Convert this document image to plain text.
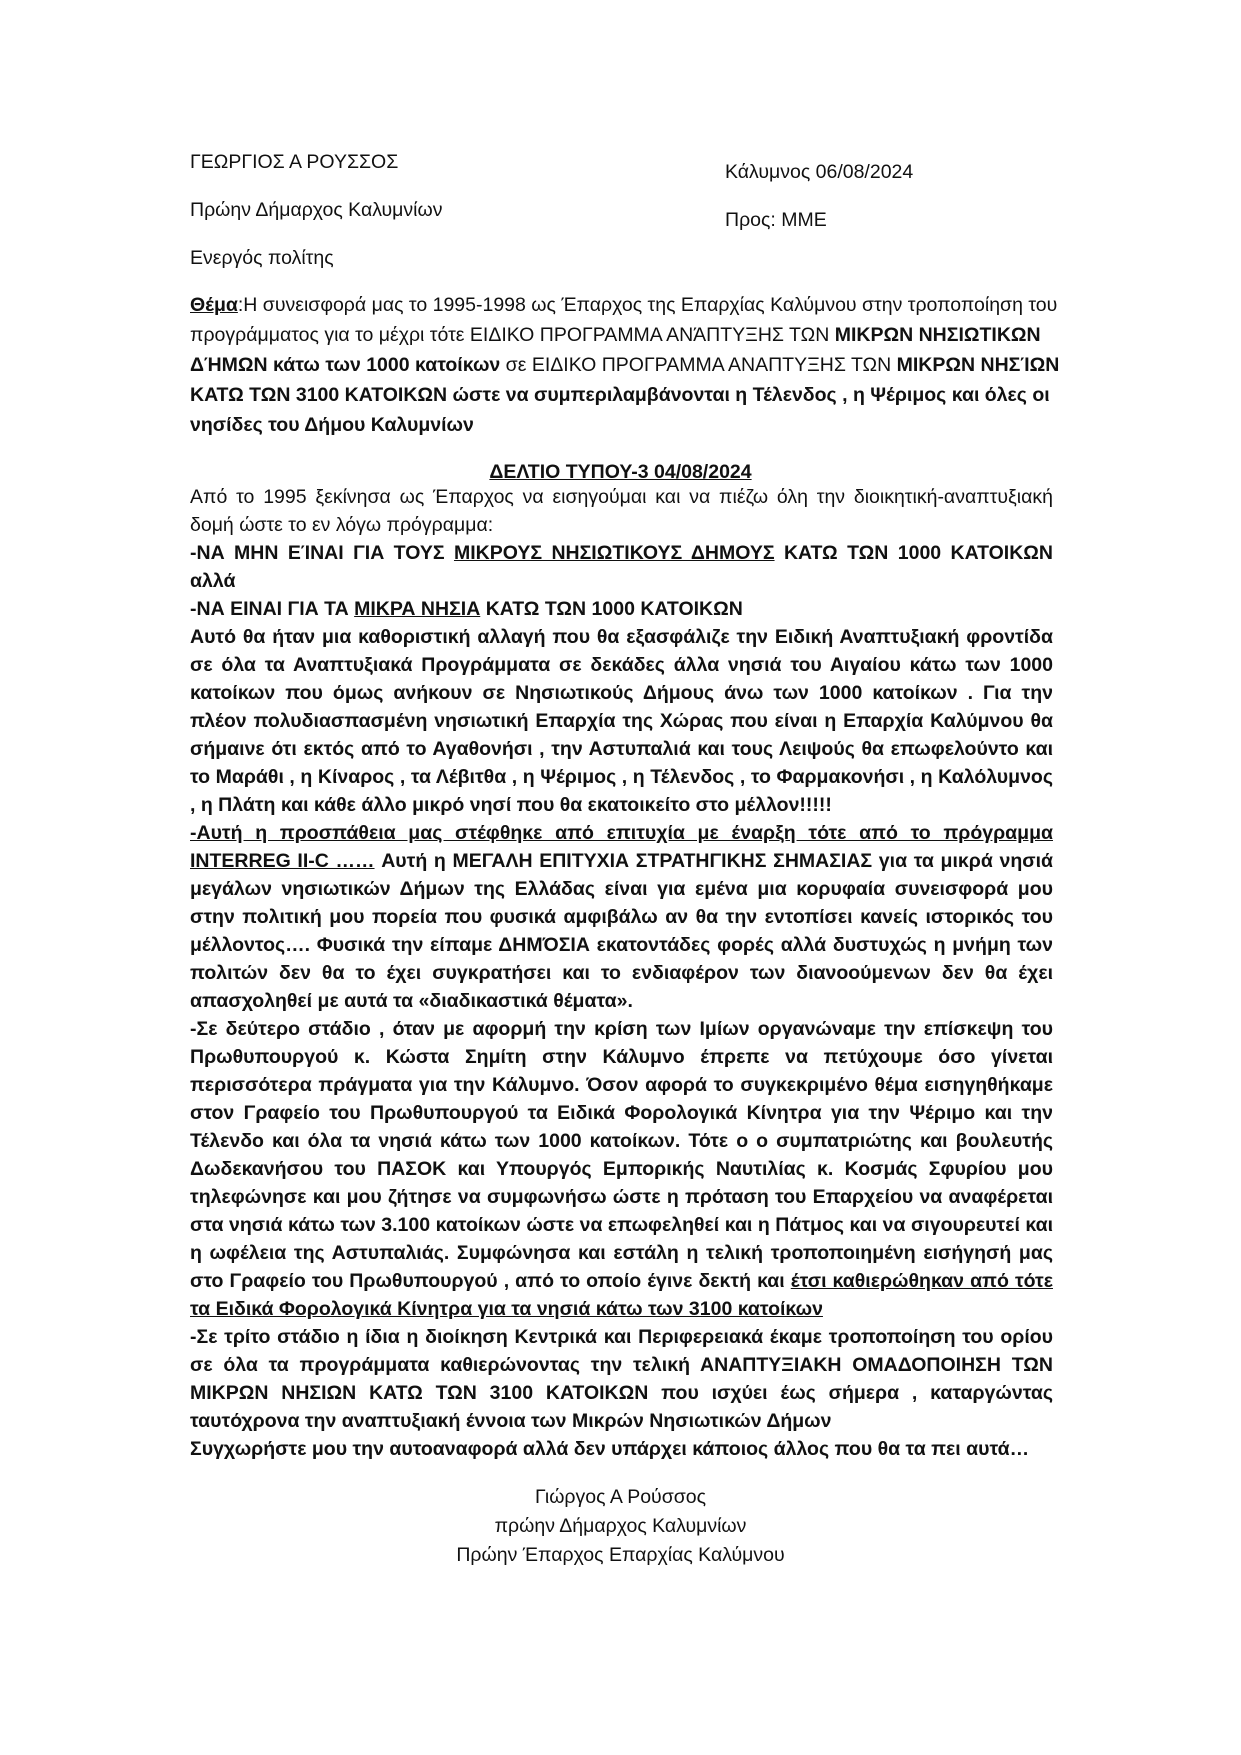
ΓΕΩΡΓΙΟΣ Α ΡΟΥΣΣΟΣ
Πρώην Δήμαρχος Καλυμνίων
Ενεργός πολίτης
Κάλυμνος 06/08/2024
Προς: ΜΜΕ

Θέμα:Η συνεισφορά μας το 1995-1998 ως Έπαρχος της Επαρχίας Καλύμνου στην τροποποίηση του προγράμματος για το μέχρι τότε ΕΙΔΙΚΟ ΠΡΟΓΡΑΜΜΑ ΑΝΆΠΤΥΞΗΣ ΤΩΝ ΜΙΚΡΩΝ ΝΗΣΙΩΤΙΚΩΝ ΔΉΜΩΝ κάτω των 1000 κατοίκων σε ΕΙΔΙΚΟ ΠΡΟΓΡΑΜΜΑ ΑΝΑΠΤΥΞΗΣ ΤΩΝ ΜΙΚΡΩΝ ΝΗΣΊΩΝ ΚΑΤΩ ΤΩΝ 3100 ΚΑΤΟΙΚΩΝ ώστε να συμπεριλαμβάνονται η Τέλενδος , η Ψέριμος και όλες οι νησίδες του Δήμου Καλυμνίων

ΔΕΛΤΙΟ ΤΥΠΟΥ-3 04/08/2024

Από το 1995 ξεκίνησα ως Έπαρχος να εισηγούμαι και να πιέζω όλη την διοικητική-αναπτυξιακή δομή ώστε το εν λόγω πρόγραμμα:

-ΝΑ ΜΗΝ ΕΊΝΑΙ ΓΙΑ ΤΟΥΣ ΜΙΚΡΟΥΣ ΝΗΣΙΩΤΙΚΟΥΣ ΔΗΜΟΥΣ ΚΑΤΩ ΤΩΝ 1000 ΚΑΤΟΙΚΩΝ αλλά

-ΝΑ ΕΙΝΑΙ ΓΙΑ ΤΑ ΜΙΚΡΑ ΝΗΣΙΑ ΚΑΤΩ ΤΩΝ 1000 ΚΑΤΟΙΚΩΝ

Αυτό θα ήταν μια καθοριστική αλλαγή που θα εξασφάλιζε την Ειδική Αναπτυξιακή φροντίδα σε όλα τα Αναπτυξιακά Προγράμματα σε δεκάδες άλλα νησιά του Αιγαίου κάτω των 1000 κατοίκων που όμως ανήκουν σε Νησιωτικούς Δήμους άνω των 1000 κατοίκων . Για την πλέον πολυδιασπασμένη νησιωτική Επαρχία της Χώρας που είναι η Επαρχία Καλύμνου θα σήμαινε ότι εκτός από το Αγαθονήσι , την Αστυπαλιά και τους Λειψούς θα επωφελούντο και το Μαράθι , η Κίναρος , τα Λέβιτθα , η Ψέριμος , η Τέλενδος , το Φαρμακονήσι , η Καλόλυμνος , η Πλάτη και κάθε άλλο μικρό νησί που θα εκατοικείτο στο μέλλον!!!!!

-Αυτή η προσπάθεια μας στέφθηκε από επιτυχία με έναρξη τότε από το πρόγραμμα INTERREG II-C …… Αυτή η ΜΕΓΑΛΗ ΕΠΙΤΥΧΙΑ ΣΤΡΑΤΗΓΙΚΗΣ ΣΗΜΑΣΙΑΣ για τα μικρά νησιά μεγάλων νησιωτικών Δήμων της Ελλάδας είναι για εμένα μια κορυφαία συνεισφορά μου στην πολιτική μου πορεία που φυσικά αμφιβάλω αν θα την εντοπίσει κανείς ιστορικός του μέλλοντος…. Φυσικά την είπαμε ΔΗΜΌΣΙΑ εκατοντάδες φορές αλλά δυστυχώς η μνήμη των πολιτών δεν θα το έχει συγκρατήσει και το ενδιαφέρον των διανοούμενων δεν θα έχει απασχοληθεί με αυτά τα «διαδικαστικά θέματα».

-Σε δεύτερο στάδιο , όταν με αφορμή την κρίση των Ιμίων οργανώναμε την επίσκεψη του Πρωθυπουργού κ. Κώστα Σημίτη στην Κάλυμνο έπρεπε να πετύχουμε όσο γίνεται περισσότερα πράγματα για την Κάλυμνο. Όσον αφορά το συγκεκριμένο θέμα εισηγηθήκαμε στον Γραφείο του Πρωθυπουργού τα Ειδικά Φορολογικά Κίνητρα για την Ψέριμο και την Τέλενδο και όλα τα νησιά κάτω των 1000 κατοίκων. Τότε ο ο συμπατριώτης και βουλευτής Δωδεκανήσου του ΠΑΣΟΚ και Υπουργός Εμπορικής Ναυτιλίας κ. Κοσμάς Σφυρίου μου τηλεφώνησε και μου ζήτησε να συμφωνήσω ώστε η πρόταση του Επαρχείου να αναφέρεται στα νησιά κάτω των 3.100 κατοίκων ώστε να επωφεληθεί και η Πάτμος και να σιγουρευτεί και η ωφέλεια της Αστυπαλιάς. Συμφώνησα και εστάλη η τελική τροποποιημένη εισήγησή μας στο Γραφείο του Πρωθυπουργού , από το οποίο έγινε δεκτή και έτσι καθιερώθηκαν από τότε τα Ειδικά Φορολογικά Κίνητρα για τα νησιά κάτω των 3100 κατοίκων

-Σε τρίτο στάδιο η ίδια η διοίκηση Κεντρικά και Περιφερειακά έκαμε τροποποίηση του ορίου σε όλα τα προγράμματα καθιερώνοντας την τελική ΑΝΑΠΤΥΞΙΑΚΗ ΟΜΑΔΟΠΟΙΗΣΗ ΤΩΝ ΜΙΚΡΩΝ ΝΗΣΙΩΝ ΚΑΤΩ ΤΩΝ 3100 ΚΑΤΟΙΚΩΝ που ισχύει έως σήμερα , καταργώντας ταυτόχρονα την αναπτυξιακή έννοια των Μικρών Νησιωτικών Δήμων

Συγχωρήστε μου την αυτοαναφορά αλλά δεν υπάρχει κάποιος άλλος που θα τα πει αυτά…

Γιώργος Α Ρούσσος
πρώην Δήμαρχος Καλυμνίων
Πρώην Έπαρχος Επαρχίας Καλύμνου
